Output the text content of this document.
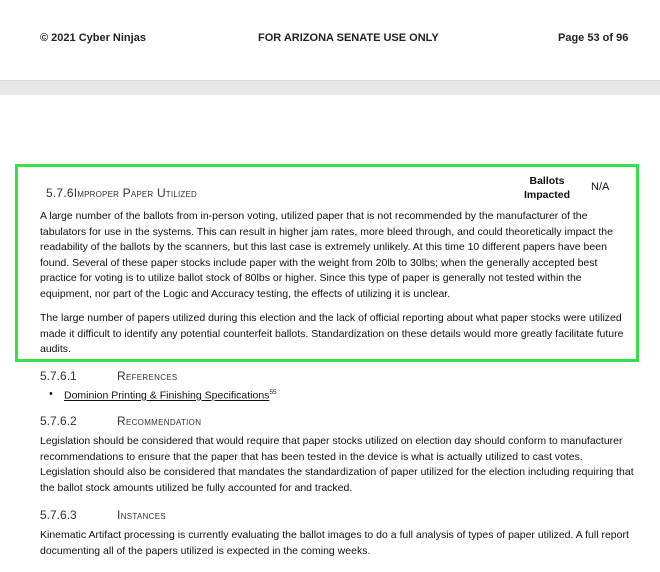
© 2021 Cyber Ninjas	FOR ARIZONA SENATE USE ONLY	Page 53 of 96
5.7.6Improper Paper Utilized
Ballots Impacted
N/A

A large number of the ballots from in-person voting, utilized paper that is not recommended by the manufacturer of the tabulators for use in the systems. This can result in higher jam rates, more bleed through, and could theoretically impact the readability of the ballots by the scanners, but this last case is extremely unlikely. At this time 10 different papers have been found. Several of these paper stocks include paper with the weight from 20lb to 30lbs; when the generally accepted best practice for voting is to utilize ballot stock of 80lbs or higher. Since this type of paper is generally not tested within the equipment, nor part of the Logic and Accuracy testing, the effects of utilizing it is unclear.

The large number of papers utilized during this election and the lack of official reporting about what paper stocks were utilized made it difficult to identify any potential counterfeit ballots. Standardization on these details would more greatly facilitate future audits.

5.7.6.1	References
• Dominion Printing & Finishing Specifications$^{55}$
5.7.6.2	Recommendation

Legislation should be considered that would require that paper stocks utilized on election day should conform to manufacturer recommendations to ensure that the paper that has been tested in the device is what is actually utilized to cast votes. Legislation should also be considered that mandates the standardization of paper utilized for the election including requiring that the ballot stock amounts utilized be fully accounted for and tracked.

5.7.6.3	Instances

Kinematic Artifact processing is currently evaluating the ballot images to do a full analysis of types of paper utilized. A full report documenting all of the papers utilized is expected in the coming weeks.
